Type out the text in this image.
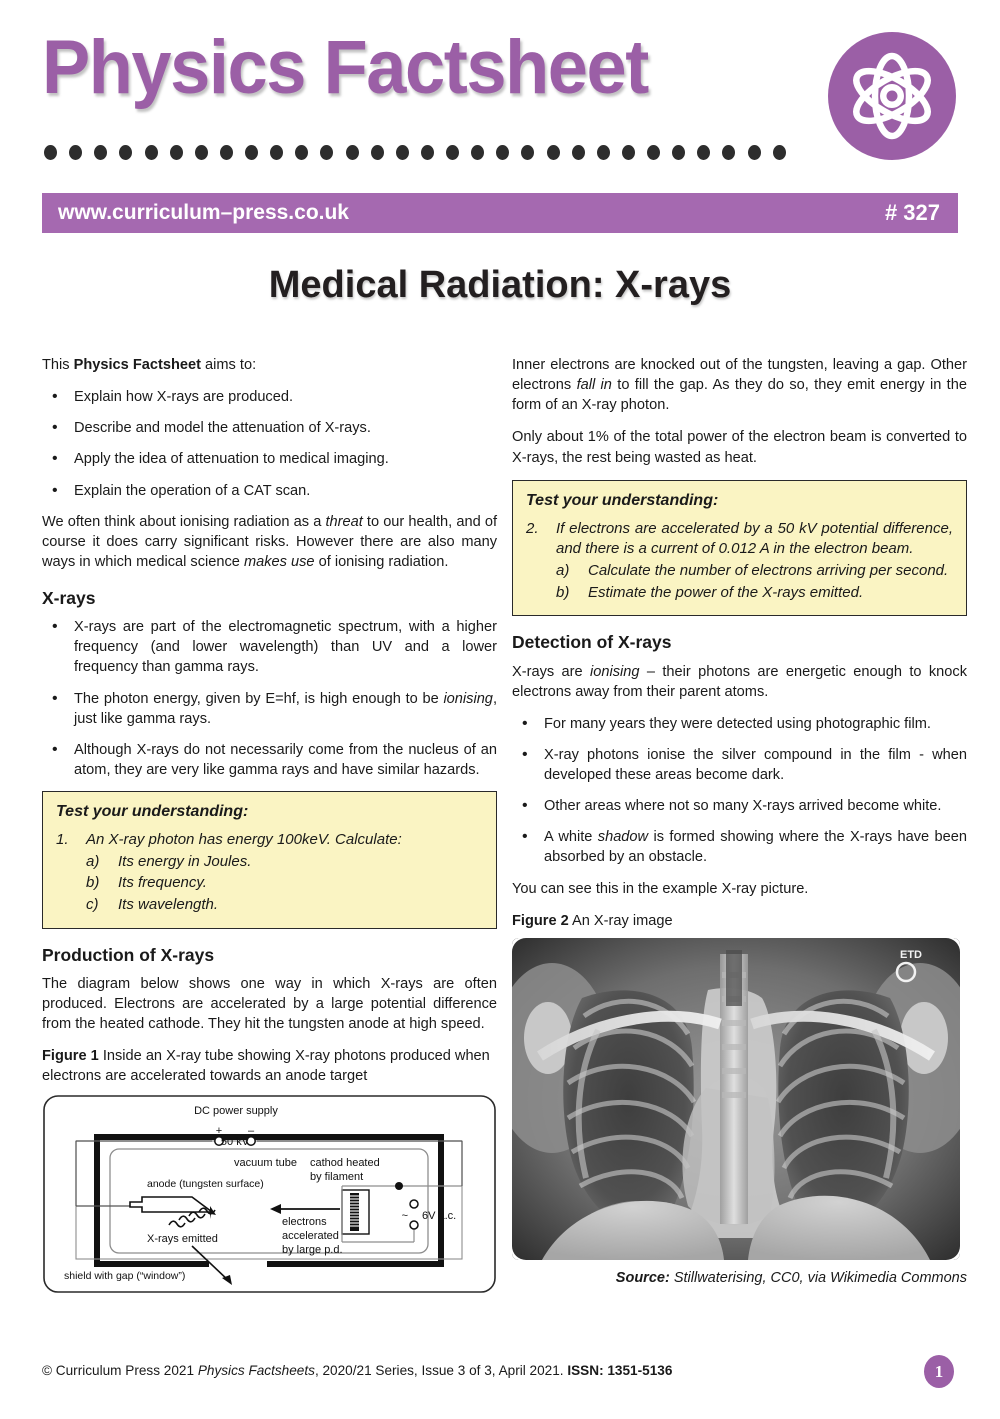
Physics Factsheet
www.curriculum–press.co.uk	# 327
Medical Radiation: X-rays

This Physics Factsheet aims to:

• Explain how X-rays are produced.
• Describe and model the attenuation of X-rays.
• Apply the idea of attenuation to medical imaging.
• Explain the operation of a CAT scan.

We often think about ionising radiation as a threat to our health, and of course it does carry significant risks. However there are also many ways in which medical science makes use of ionising radiation.

X-rays
• X-rays are part of the electromagnetic spectrum, with a higher frequency (and lower wavelength) than UV and a lower frequency than gamma rays.
• The photon energy, given by E=hf, is high enough to be ionising, just like gamma rays.
• Although X-rays do not necessarily come from the nucleus of an atom, they are very like gamma rays and have similar hazards.
Test your understanding:
1. An X-ray photon has energy 100keV. Calculate:
a) Its energy in Joules.
b) Its frequency.
c) Its wavelength.
Production of X-rays

The diagram below shows one way in which X-rays are often produced. Electrons are accelerated by a large potential difference from the heated cathode. They hit the tungsten anode at high speed.

Figure 1 Inside an X-ray tube showing X-ray photons produced when electrons are accelerated towards an anode target

DC power supply
+ –
50 kV
anode (tungsten surface)
X-rays emitted
shield with gap (“window”)
vacuum tube cathod heated
by filament
~ 6V a.c.
electrons
accelerated
by large p.d.

Inner electrons are knocked out of the tungsten, leaving a gap. Other electrons fall in to fill the gap. As they do so, they emit energy in the form of an X-ray photon.

Only about 1% of the total power of the electron beam is converted to X-rays, the rest being wasted as heat.

Test your understanding:
2. If electrons are accelerated by a 50 kV potential difference, and there is a current of 0.012 A in the electron beam.
a) Calculate the number of electrons arriving per second.
b) Estimate the power of the X-rays emitted.
Detection of X-rays

X-rays are ionising – their photons are energetic enough to knock electrons away from their parent atoms.

• For many years they were detected using photographic film.
• X-ray photons ionise the silver compound in the film - when developed these areas become dark.
• Other areas where not so many X-rays arrived become white.
• A white shadow is formed showing where the X-rays have been absorbed by an obstacle.

You can see this in the example X-ray picture.

Figure 2 An X-ray image

ETD
Source: Stillwaterising, CC0, via Wikimedia Commons
© Curriculum Press 2021 Physics Factsheets, 2020/21 Series, Issue 3 of 3, April 2021. ISSN: 1351-5136	1
